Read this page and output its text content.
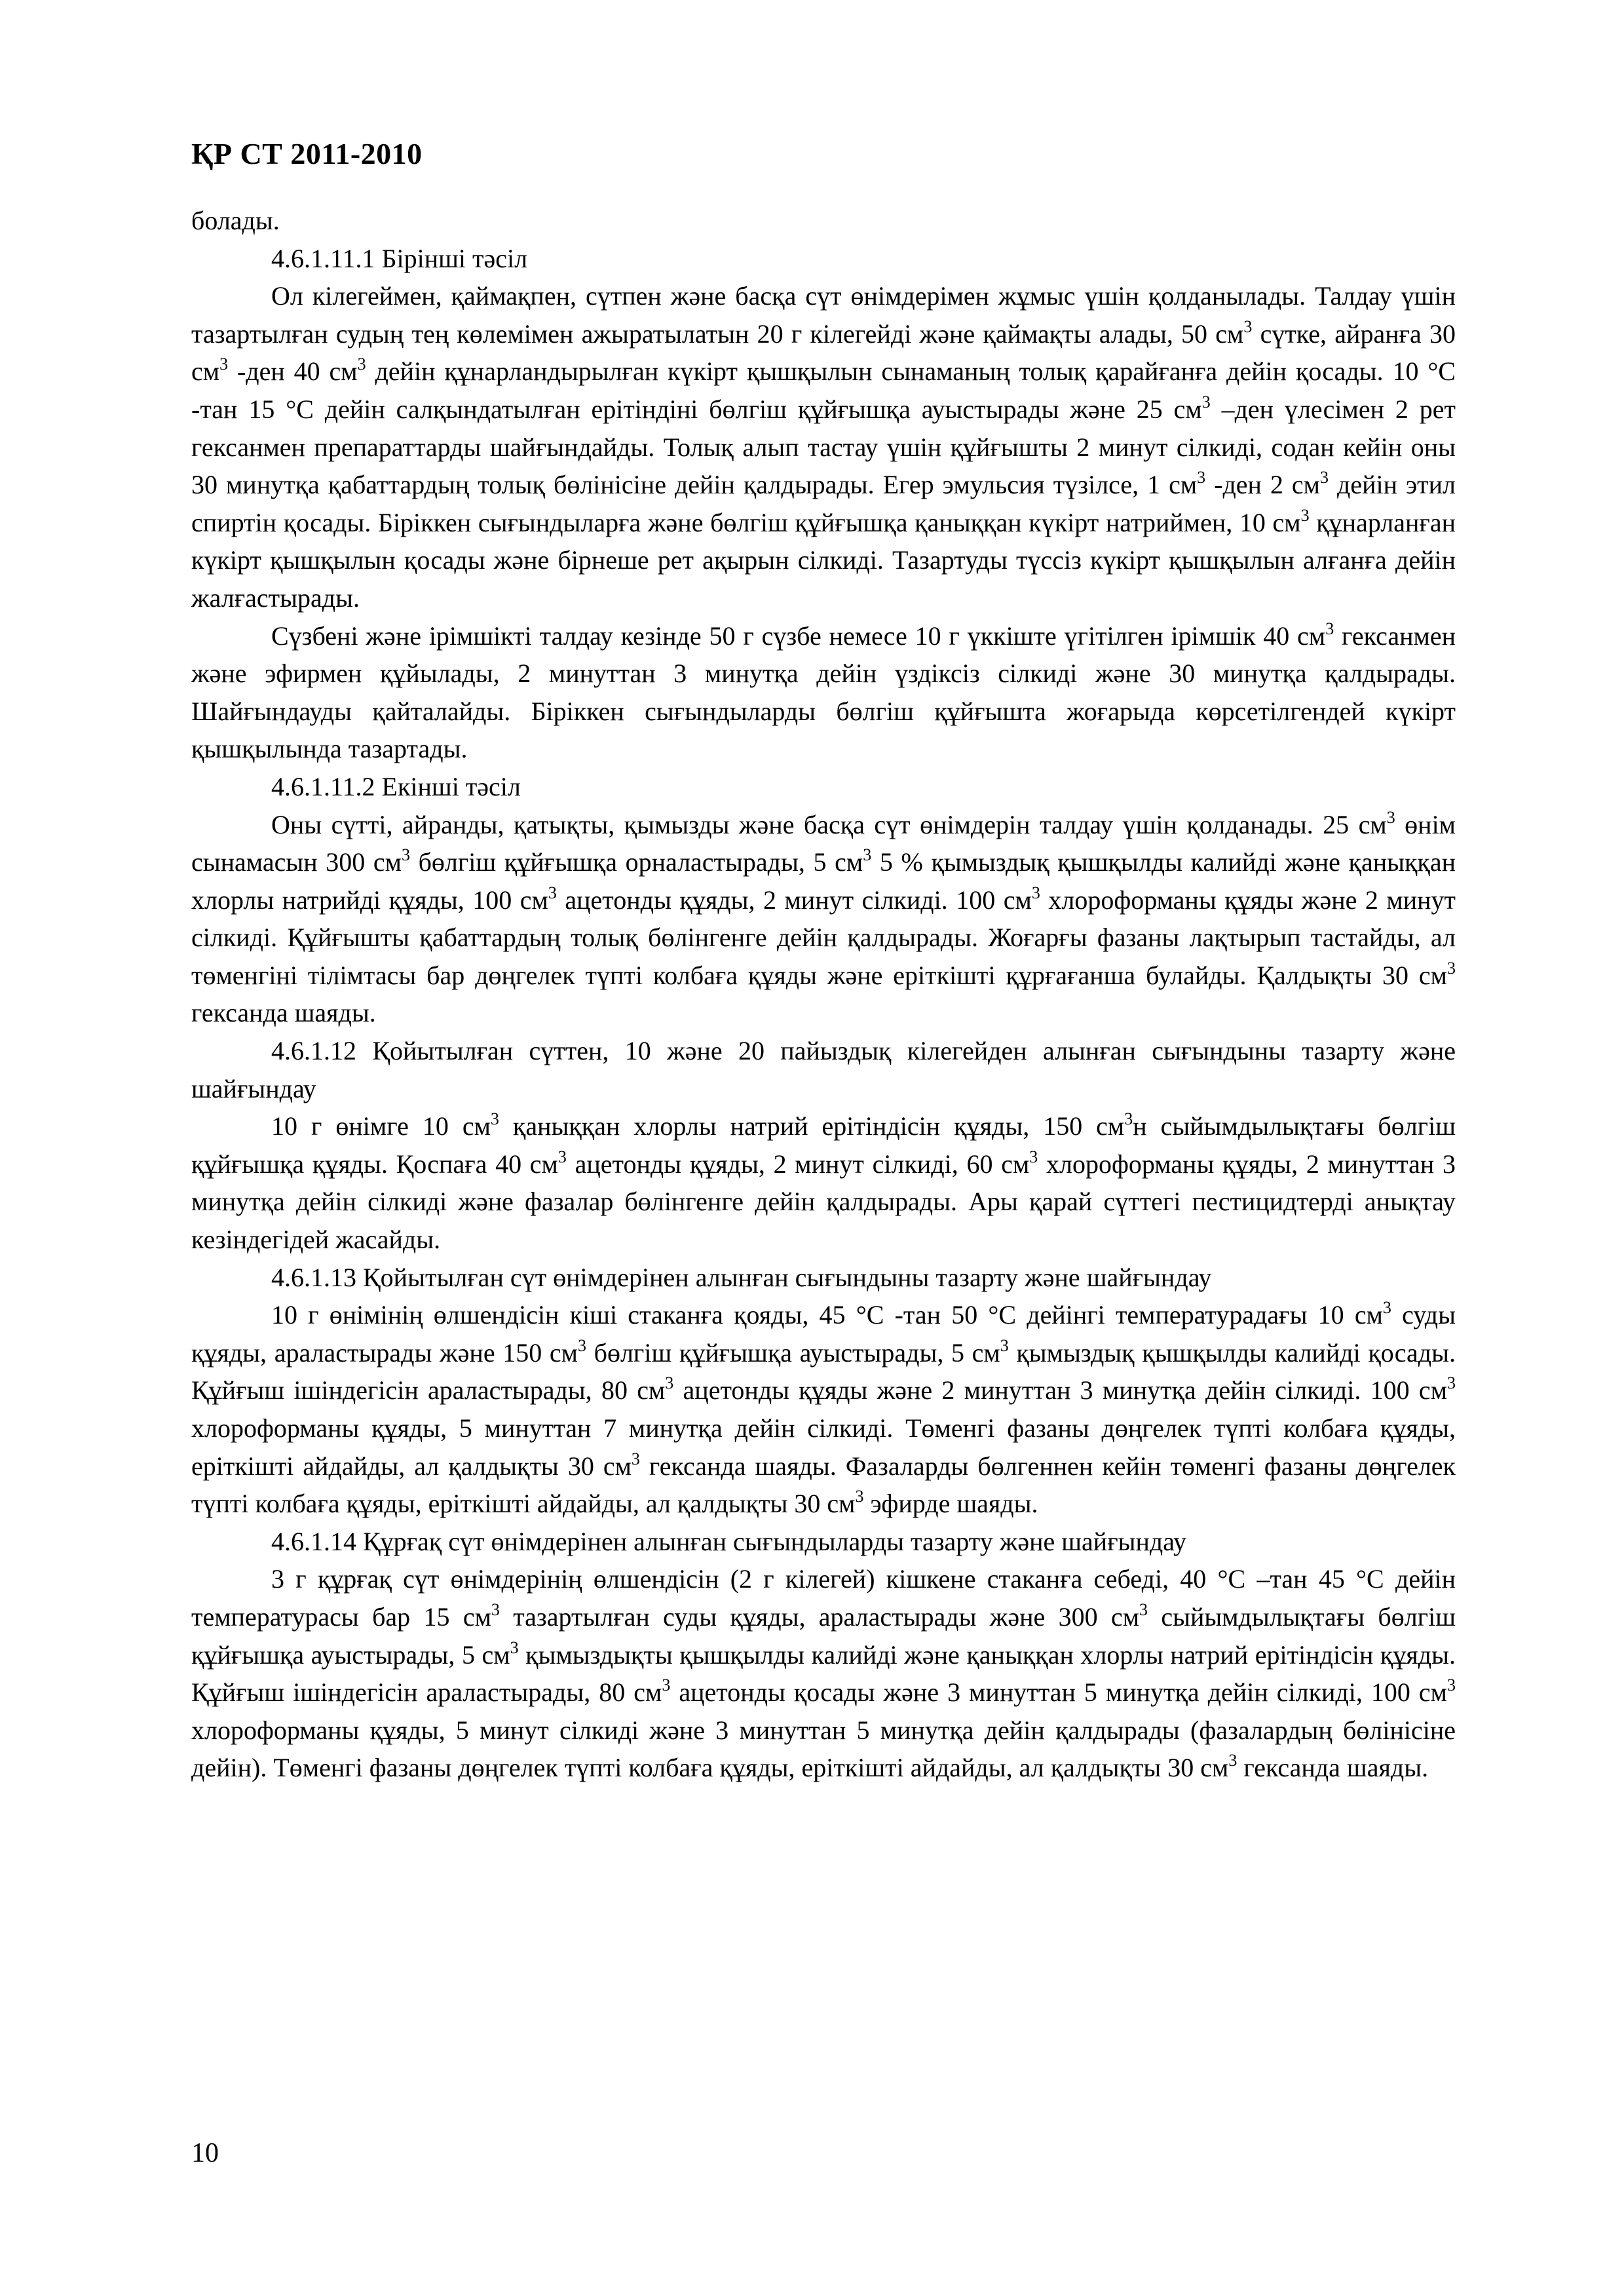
ҚР СТ 2011-2010

болады.

4.6.1.11.1 Бірінші тәсіл

Ол кілегеймен, қаймақпен, сүтпен және басқа сүт өнімдерімен жұмыс үшін қолданылады. Талдау үшін тазартылған судың тең көлемімен ажыратылатын 20 г кілегейді және қаймақты алады, 50 $см^3$ сүтке, айранға 30 $см^3$ -ден 40 $см^3$ дейін құнарландырылған күкірт қышқылын сынаманың толық қарайғанға дейін қосады. 10 °С -тан 15 °С дейін салқындатылған ерітіндіні бөлгіш құйғышқа ауыстырады және 25 $см^3$ –ден үлесімен 2 рет гексанмен препараттарды шайғындайды. Толық алып тастау үшін құйғышты 2 минут сілкиді, содан кейін оны 30 минутқа қабаттардың толық бөлінісіне дейін қалдырады. Егер эмульсия түзілсе, 1 $см^3$ -ден 2 $см^3$ дейін этил спиртін қосады. Біріккен сығындыларға және бөлгіш құйғышқа қаныққан күкірт натриймен, 10 $см^3$ құнарланған күкірт қышқылын қосады және бірнеше рет ақырын сілкиді. Тазартуды түссіз күкірт қышқылын алғанға дейін жалғастырады.

Сүзбені және ірімшікті талдау кезінде 50 г сүзбе немесе 10 г үккіште үгітілген ірімшік 40 $см^3$ гексанмен және эфирмен құйылады, 2 минуттан 3 минутқа дейін үздіксіз сілкиді және 30 минутқа қалдырады. Шайғындауды қайталайды. Біріккен сығындыларды бөлгіш құйғышта жоғарыда көрсетілгендей күкірт қышқылында тазартады.

4.6.1.11.2 Екінші тәсіл

Оны сүтті, айранды, қатықты, қымызды және басқа сүт өнімдерін талдау үшін қолданады. 25 $см^3$ өнім сынамасын 300 $см^3$ бөлгіш құйғышқа орналастырады, 5 $см^3$ 5 % қымыздық қышқылды калийді және қаныққан хлорлы натрийді құяды, 100 $см^3$ ацетонды құяды, 2 минут сілкиді. 100 $см^3$ хлороформаны құяды және 2 минут сілкиді. Құйғышты қабаттардың толық бөлінгенге дейін қалдырады. Жоғарғы фазаны лақтырып тастайды, ал төменгіні тілімтасы бар дөңгелек түпті колбаға құяды және еріткішті құрғағанша булайды. Қалдықты 30 $см^3$ гександа шаяды.

4.6.1.12 Қойытылған сүттен, 10 және 20 пайыздық кілегейден алынған сығындыны тазарту және шайғындау

10 г өнімге 10 $см^3$ қаныққан хлорлы натрий ерітіндісін құяды, 150 $см^3н$ сыйымдылықтағы бөлгіш құйғышқа құяды. Қоспаға 40 $см^3$ ацетонды құяды, 2 минут сілкиді, 60 $см^3$ хлороформаны құяды, 2 минуттан 3 минутқа дейін сілкиді және фазалар бөлінгенге дейін қалдырады. Ары қарай сүттегі пестицидтерді анықтау кезіндегідей жасайды.

4.6.1.13 Қойытылған сүт өнімдерінен алынған сығындыны тазарту және шайғындау

10 г өнімінің өлшендісін кіші стаканға қояды, 45 °С -тан 50 °С дейінгі температурадағы 10 $см^3$ суды құяды, араластырады және 150 $см^3$ бөлгіш құйғышқа ауыстырады, 5 $см^3$ қымыздық қышқылды калийді қосады. Құйғыш ішіндегісін араластырады, 80 $см^3$ ацетонды құяды және 2 минуттан 3 минутқа дейін сілкиді. 100 $см^3$ хлороформаны құяды, 5 минуттан 7 минутқа дейін сілкиді. Төменгі фазаны дөңгелек түпті колбаға құяды, еріткішті айдайды, ал қалдықты 30 $см^3$ гександа шаяды. Фазаларды бөлгеннен кейін төменгі фазаны дөңгелек түпті колбаға құяды, еріткішті айдайды, ал қалдықты 30 $см^3$ эфирде шаяды.

4.6.1.14 Құрғақ сүт өнімдерінен алынған сығындыларды тазарту және шайғындау

3 г құрғақ сүт өнімдерінің өлшендісін (2 г кілегей) кішкене стаканға себеді, 40 °С –тан 45 °С дейін температурасы бар 15 $см^3$ тазартылған суды құяды, араластырады және 300 $см^3$ сыйымдылықтағы бөлгіш құйғышқа ауыстырады, 5 $см^3$ қымыздықты қышқылды калийді және қаныққан хлорлы натрий ерітіндісін құяды. Құйғыш ішіндегісін араластырады, 80 $см^3$ ацетонды қосады және 3 минуттан 5 минутқа дейін сілкиді, 100 $см^3$ хлороформаны құяды, 5 минут сілкиді және 3 минуттан 5 минутқа дейін қалдырады (фазалардың бөлінісіне дейін). Төменгі фазаны дөңгелек түпті колбаға құяды, еріткішті айдайды, ал қалдықты 30 $см^3$ гександа шаяды.

10
